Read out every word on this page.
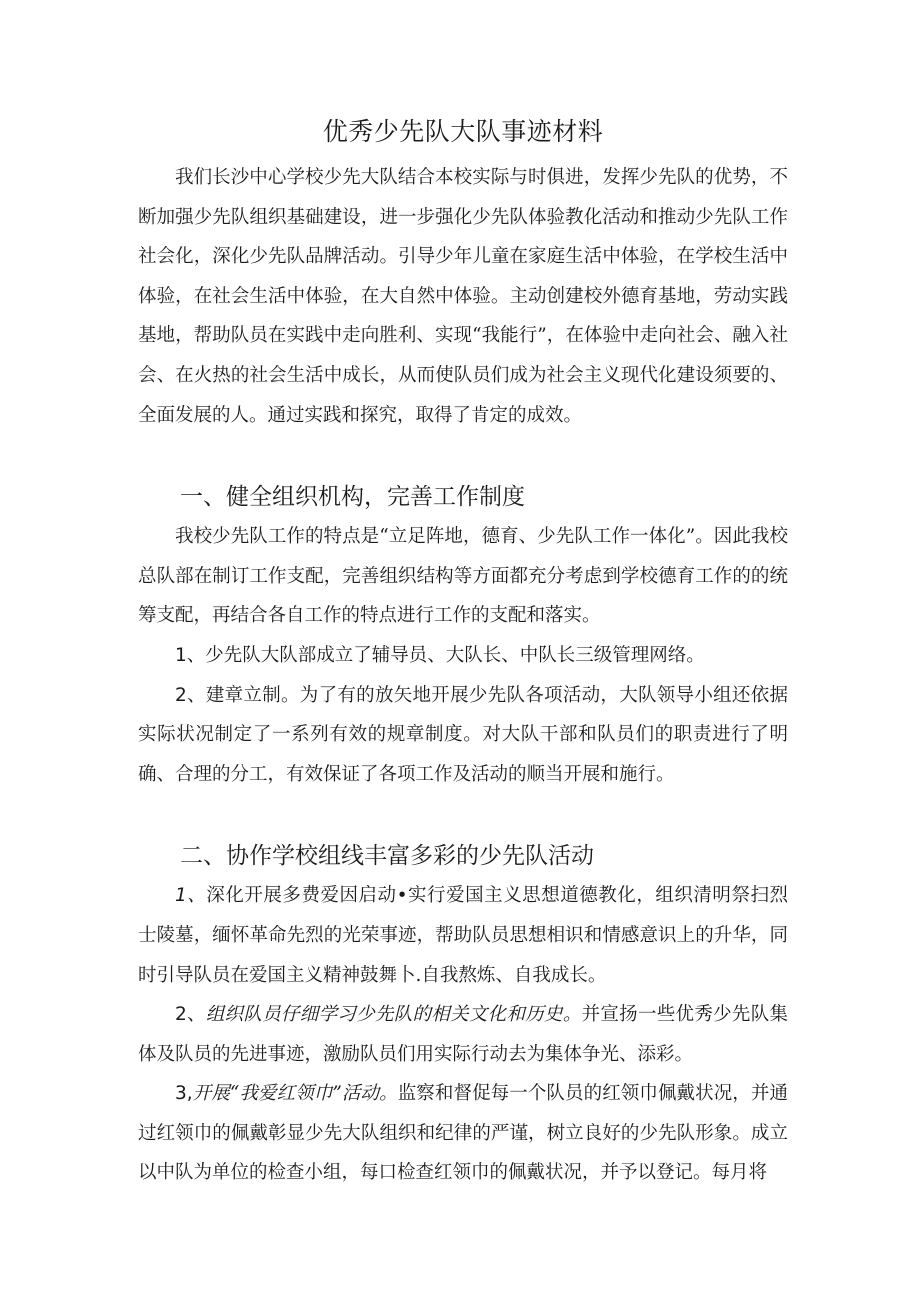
优秀少先队大队事迹材料

我们长沙中心学校少先大队结合本校实际与时俱进，发挥少先队的优势，不断加强少先队组织基础建设，进一步强化少先队体验教化活动和推动少先队工作社会化，深化少先队品牌活动。引导少年儿童在家庭生活中体验，在学校生活中体验，在社会生活中体验，在大自然中体验。主动创建校外德育基地，劳动实践基地，帮助队员在实践中走向胜利、实现“我能行”，在体验中走向社会、融入社会、在火热的社会生活中成长，从而使队员们成为社会主义现代化建设须要的、全面发展的人。通过实践和探究，取得了肯定的成效。

一、健全组织机构，完善工作制度

我校少先队工作的特点是“立足阵地，德育、少先队工作一体化”。因此我校总队部在制订工作支配，完善组织结构等方面都充分考虑到学校德育工作的的统筹支配，再结合各自工作的特点进行工作的支配和落实。

1、少先队大队部成立了辅导员、大队长、中队长三级管理网络。

2、建章立制。为了有的放矢地开展少先队各项活动，大队领导小组还依据实际状况制定了一系列有效的规章制度。对大队干部和队员们的职责进行了明确、合理的分工，有效保证了各项工作及活动的顺当开展和施行。

二、协作学校组线丰富多彩的少先队活动

1、深化开展多费爱因启动•实行爱国主义思想道德教化，组织清明祭扫烈士陵墓，缅怀革命先烈的光荣事迹，帮助队员思想相识和情感意识上的升华，同时引导队员在爱国主义精神鼓舞卜.自我熬炼、自我成长。

2、组织队员仔细学习少先队的相关文化和历史。并宣扬一些优秀少先队集体及队员的先进事迹，激励队员们用实际行动去为集体争光、添彩。

3,开展“我爱红领巾”活动。监察和督促每一个队员的红领巾佩戴状况，并通过红领巾的佩戴彰显少先大队组织和纪律的严谨，树立良好的少先队形象。成立以中队为单位的检查小组，每口检查红领巾的佩戴状况，并予以登记。每月将
